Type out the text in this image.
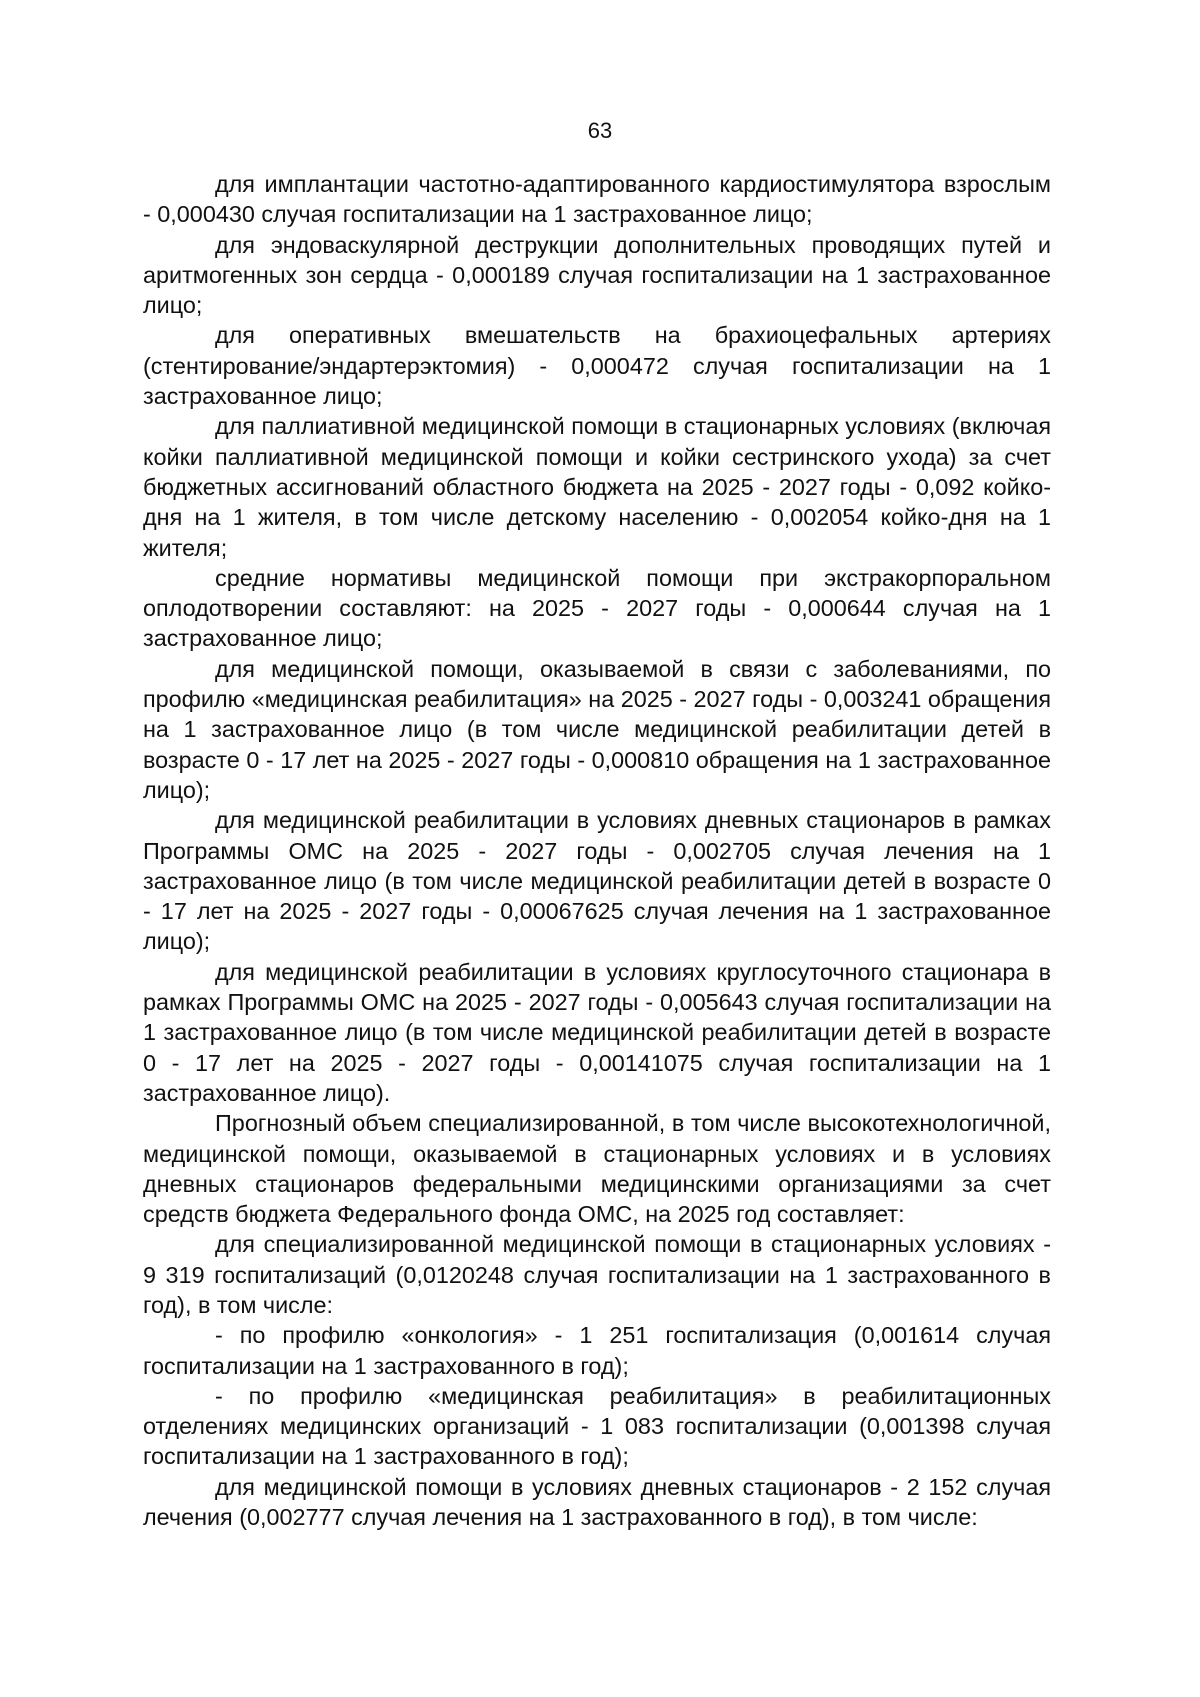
63

для имплантации частотно-адаптированного кардиостимулятора взрослым - 0,000430 случая госпитализации на 1 застрахованное лицо;

для эндоваскулярной деструкции дополнительных проводящих путей и аритмогенных зон сердца - 0,000189 случая госпитализации на 1 застрахованное лицо;

для оперативных вмешательств на брахиоцефальных артериях (стентирование/эндартерэктомия) - 0,000472 случая госпитализации на 1 застрахованное лицо;

для паллиативной медицинской помощи в стационарных условиях (включая койки паллиативной медицинской помощи и койки сестринского ухода) за счет бюджетных ассигнований областного бюджета на 2025 - 2027 годы - 0,092 койко-дня на 1 жителя, в том числе детскому населению - 0,002054 койко-дня на 1 жителя;

средние нормативы медицинской помощи при экстракорпоральном оплодотворении составляют: на 2025 - 2027 годы - 0,000644 случая на 1 застрахованное лицо;

для медицинской помощи, оказываемой в связи с заболеваниями, по профилю «медицинская реабилитация» на 2025 - 2027 годы - 0,003241 обращения на 1 застрахованное лицо (в том числе медицинской реабилитации детей в возрасте 0 - 17 лет на 2025 - 2027 годы - 0,000810 обращения на 1 застрахованное лицо);

для медицинской реабилитации в условиях дневных стационаров в рамках Программы ОМС на 2025 - 2027 годы - 0,002705 случая лечения на 1 застрахованное лицо (в том числе медицинской реабилитации детей в возрасте 0 - 17 лет на 2025 - 2027 годы - 0,00067625 случая лечения на 1 застрахованное лицо);

для медицинской реабилитации в условиях круглосуточного стационара в рамках Программы ОМС на 2025 - 2027 годы - 0,005643 случая госпитализации на 1 застрахованное лицо (в том числе медицинской реабилитации детей в возрасте 0 - 17 лет на 2025 - 2027 годы - 0,00141075 случая госпитализации на 1 застрахованное лицо).

Прогнозный объем специализированной, в том числе высокотехнологичной, медицинской помощи, оказываемой в стационарных условиях и в условиях дневных стационаров федеральными медицинскими организациями за счет средств бюджета Федерального фонда ОМС, на 2025 год составляет:

для специализированной медицинской помощи в стационарных условиях - 9 319 госпитализаций (0,0120248 случая госпитализации на 1 застрахованного в год), в том числе:

- по профилю «онкология» - 1 251 госпитализация (0,001614 случая госпитализации на 1 застрахованного в год);

- по профилю «медицинская реабилитация» в реабилитационных отделениях медицинских организаций - 1 083 госпитализации (0,001398 случая госпитализации на 1 застрахованного в год);

для медицинской помощи в условиях дневных стационаров - 2 152 случая лечения (0,002777 случая лечения на 1 застрахованного в год), в том числе:
